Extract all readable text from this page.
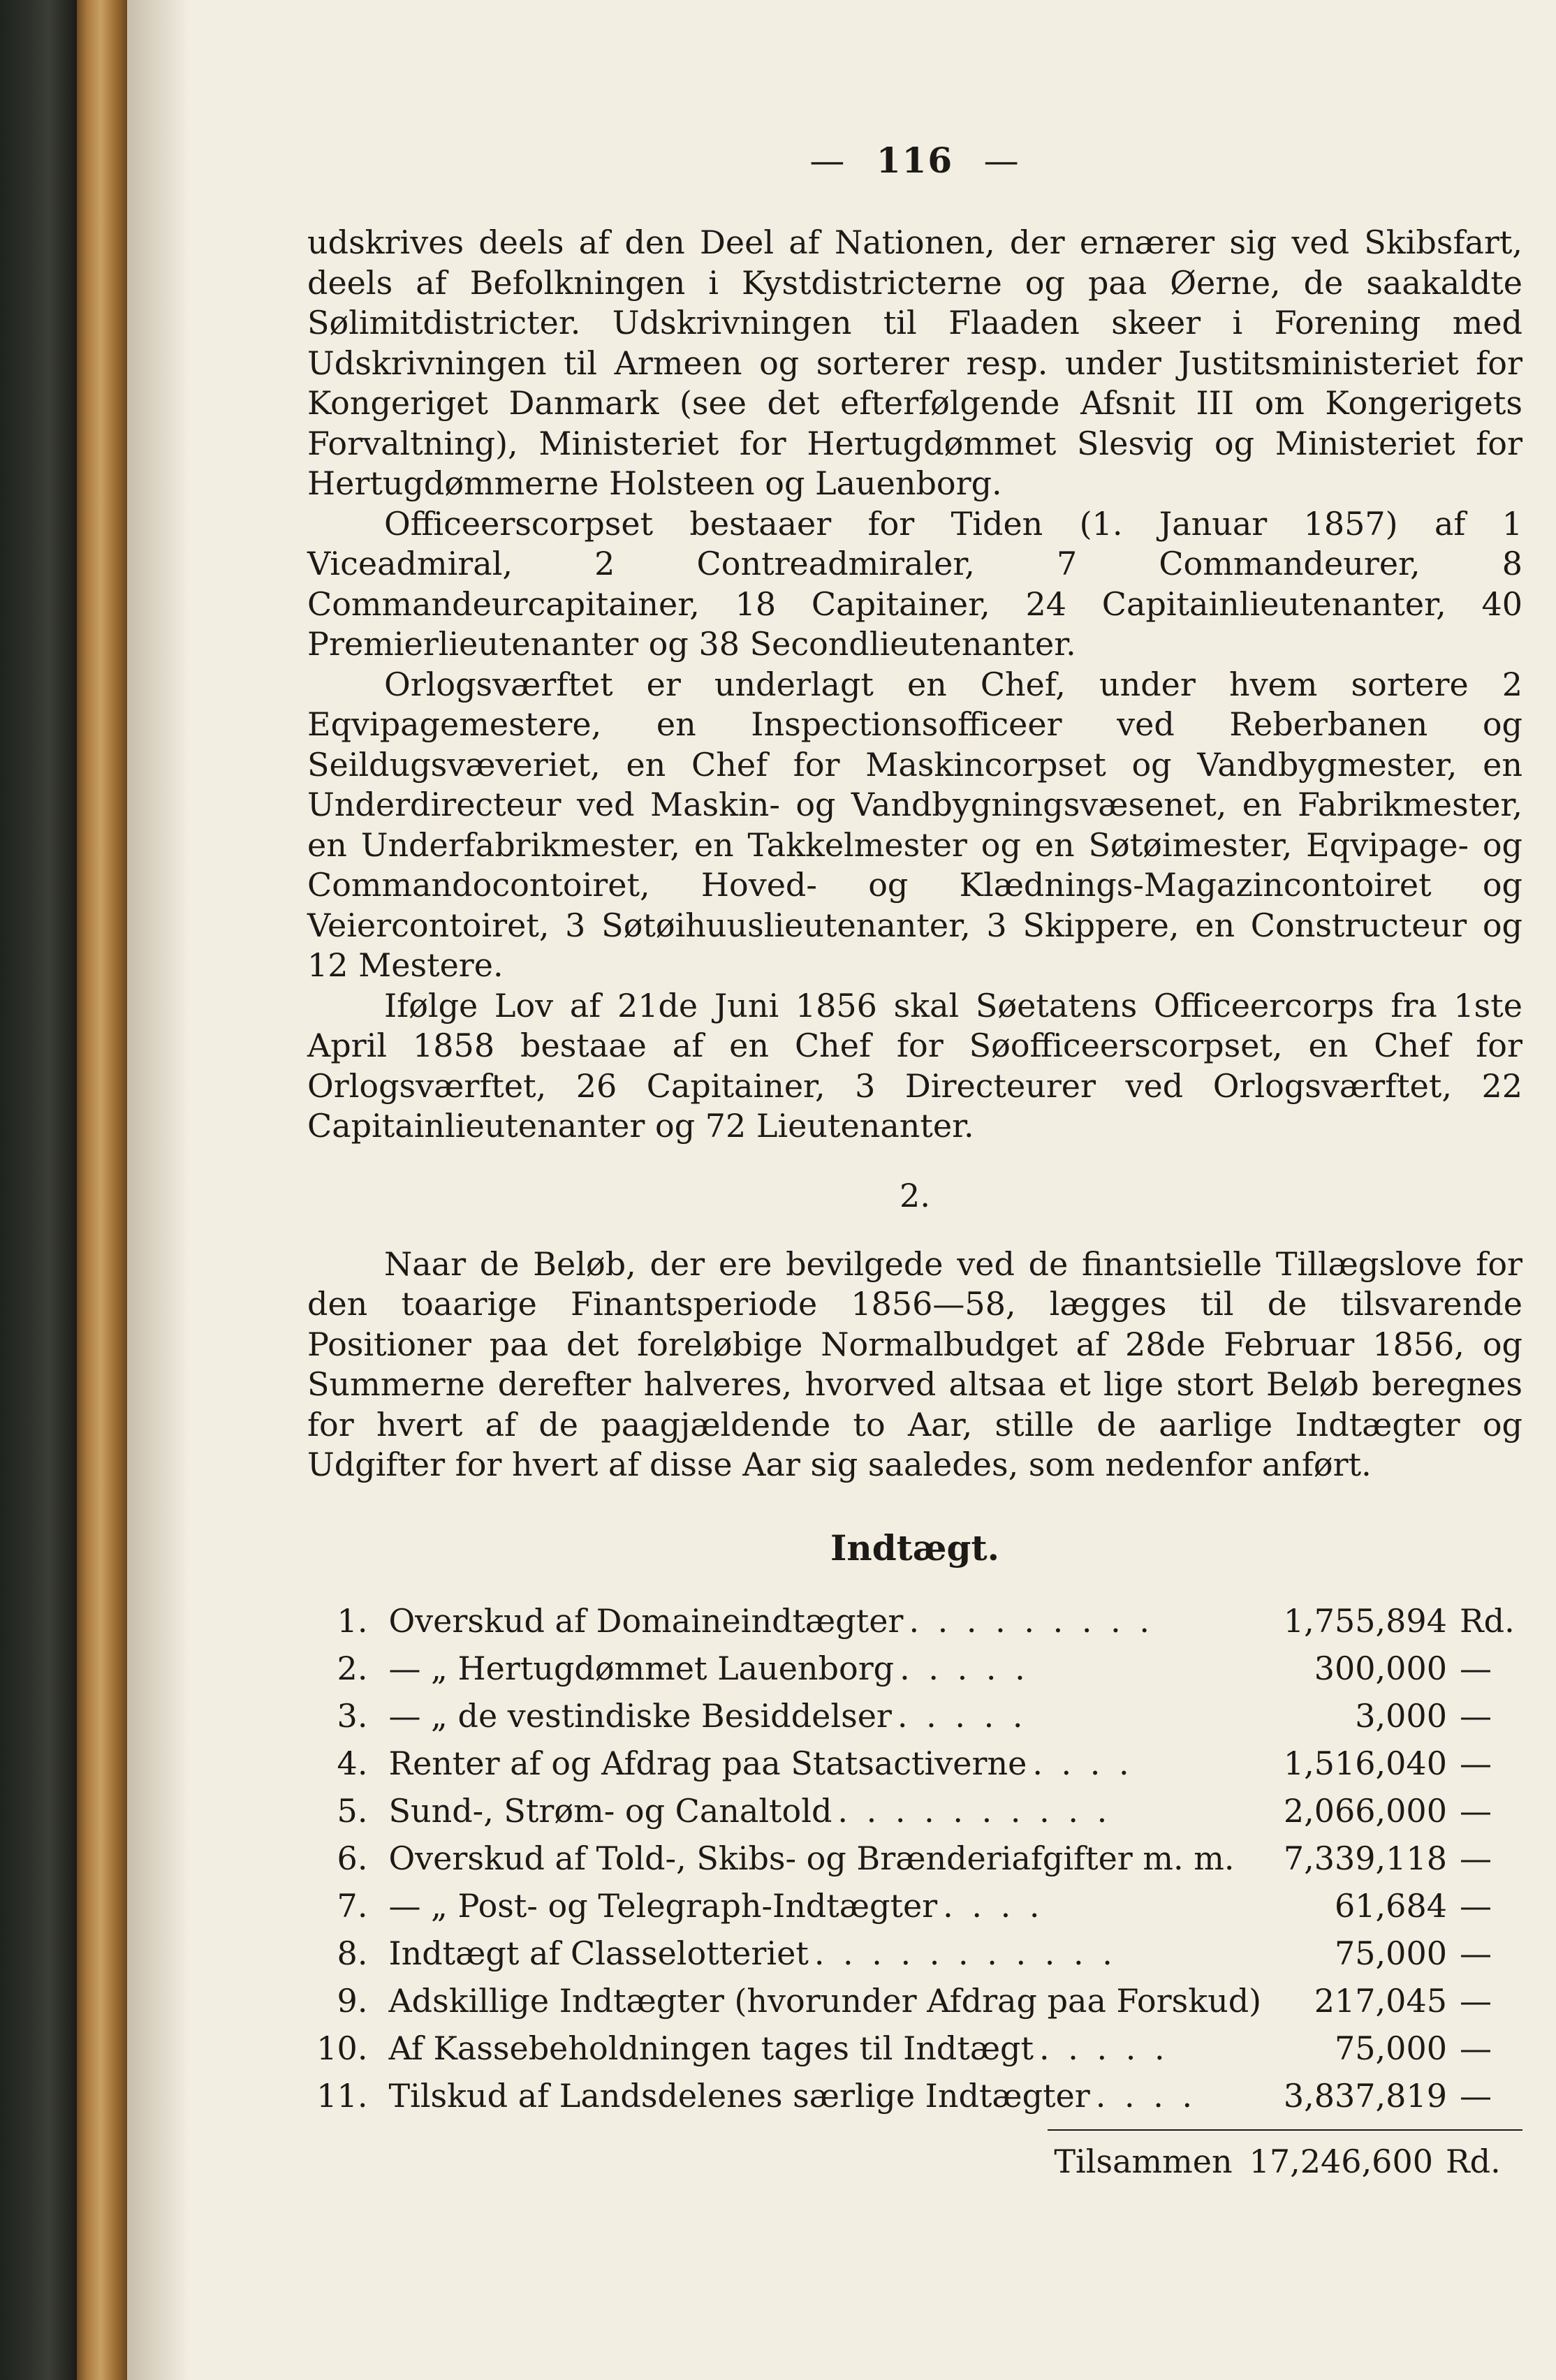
— 116 —

udskrives deels af den Deel af Nationen, der ernærer sig ved Skibsfart, deels af Befolkningen i Kystdistricterne og paa Øerne, de saakaldte Sølimitdistricter. Udskrivningen til Flaaden skeer i Forening med Udskrivningen til Armeen og sorterer resp. under Justitsministeriet for Kongeriget Danmark (see det efterfølgende Afsnit III om Kongerigets Forvaltning), Ministeriet for Hertugdømmet Slesvig og Ministeriet for Hertugdømmerne Holsteen og Lauenborg.

Officeerscorpset bestaaer for Tiden (1. Januar 1857) af 1 Viceadmiral, 2 Contreadmiraler, 7 Commandeurer, 8 Commandeurcapitainer, 18 Capitainer, 24 Capitainlieutenanter, 40 Premierlieutenanter og 38 Secondlieutenanter.

Orlogsværftet er underlagt en Chef, under hvem sortere 2 Eqvipagemestere, en Inspectionsofficeer ved Reberbanen og Seildugsvæveriet, en Chef for Maskincorpset og Vandbygmester, en Underdirecteur ved Maskin- og Vandbygningsvæsenet, en Fabrikmester, en Underfabrikmester, en Takkelmester og en Søtøimester, Eqvipage- og Commandocontoiret, Hoved- og Klædnings-Magazincontoiret og Veiercontoiret, 3 Søtøihuuslieutenanter, 3 Skippere, en Constructeur og 12 Mestere.

Ifølge Lov af 21de Juni 1856 skal Søetatens Officeercorps fra 1ste April 1858 bestaae af en Chef for Søofficeerscorpset, en Chef for Orlogsværftet, 26 Capitainer, 3 Directeurer ved Orlogsværftet, 22 Capitainlieutenanter og 72 Lieutenanter.

2.

Naar de Beløb, der ere bevilgede ved de finantsielle Tillægslove for den toaarige Finantsperiode 1856—58, lægges til de tilsvarende Positioner paa det foreløbige Normalbudget af 28de Februar 1856, og Summerne derefter halveres, hvorved altsaa et lige stort Beløb beregnes for hvert af de paagjældende to Aar, stille de aarlige Indtægter og Udgifter for hvert af disse Aar sig saaledes, som nedenfor anført.

Indtægt.
1.	Overskud af Domaineindtægter . . . . . . . . .	1,755,894	Rd.
2.	— „ Hertugdømmet Lauenborg . . . . .	300,000	—
3.	— „ de vestindiske Besiddelser . . . . .	3,000	—
4.	Renter af og Afdrag paa Statsactiverne . . . .	1,516,040	—
5.	Sund-, Strøm- og Canaltold . . . . . . . . . .	2,066,000	—
6.	Overskud af Told-, Skibs- og Brænderiafgifter m. m.	7,339,118	—
7.	— „ Post- og Telegraph-Indtægter . . . .	61,684	—
8.	Indtægt af Classelotteriet . . . . . . . . . . .	75,000	—
9.	Adskillige Indtægter (hvorunder Afdrag paa Forskud)	217,045	—
10.	Af Kassebeholdningen tages til Indtægt . . . . .	75,000	—
11.	Tilskud af Landsdelenes særlige Indtægter . . . .	3,837,819	—
Tilsammen 17,246,600 Rd.
